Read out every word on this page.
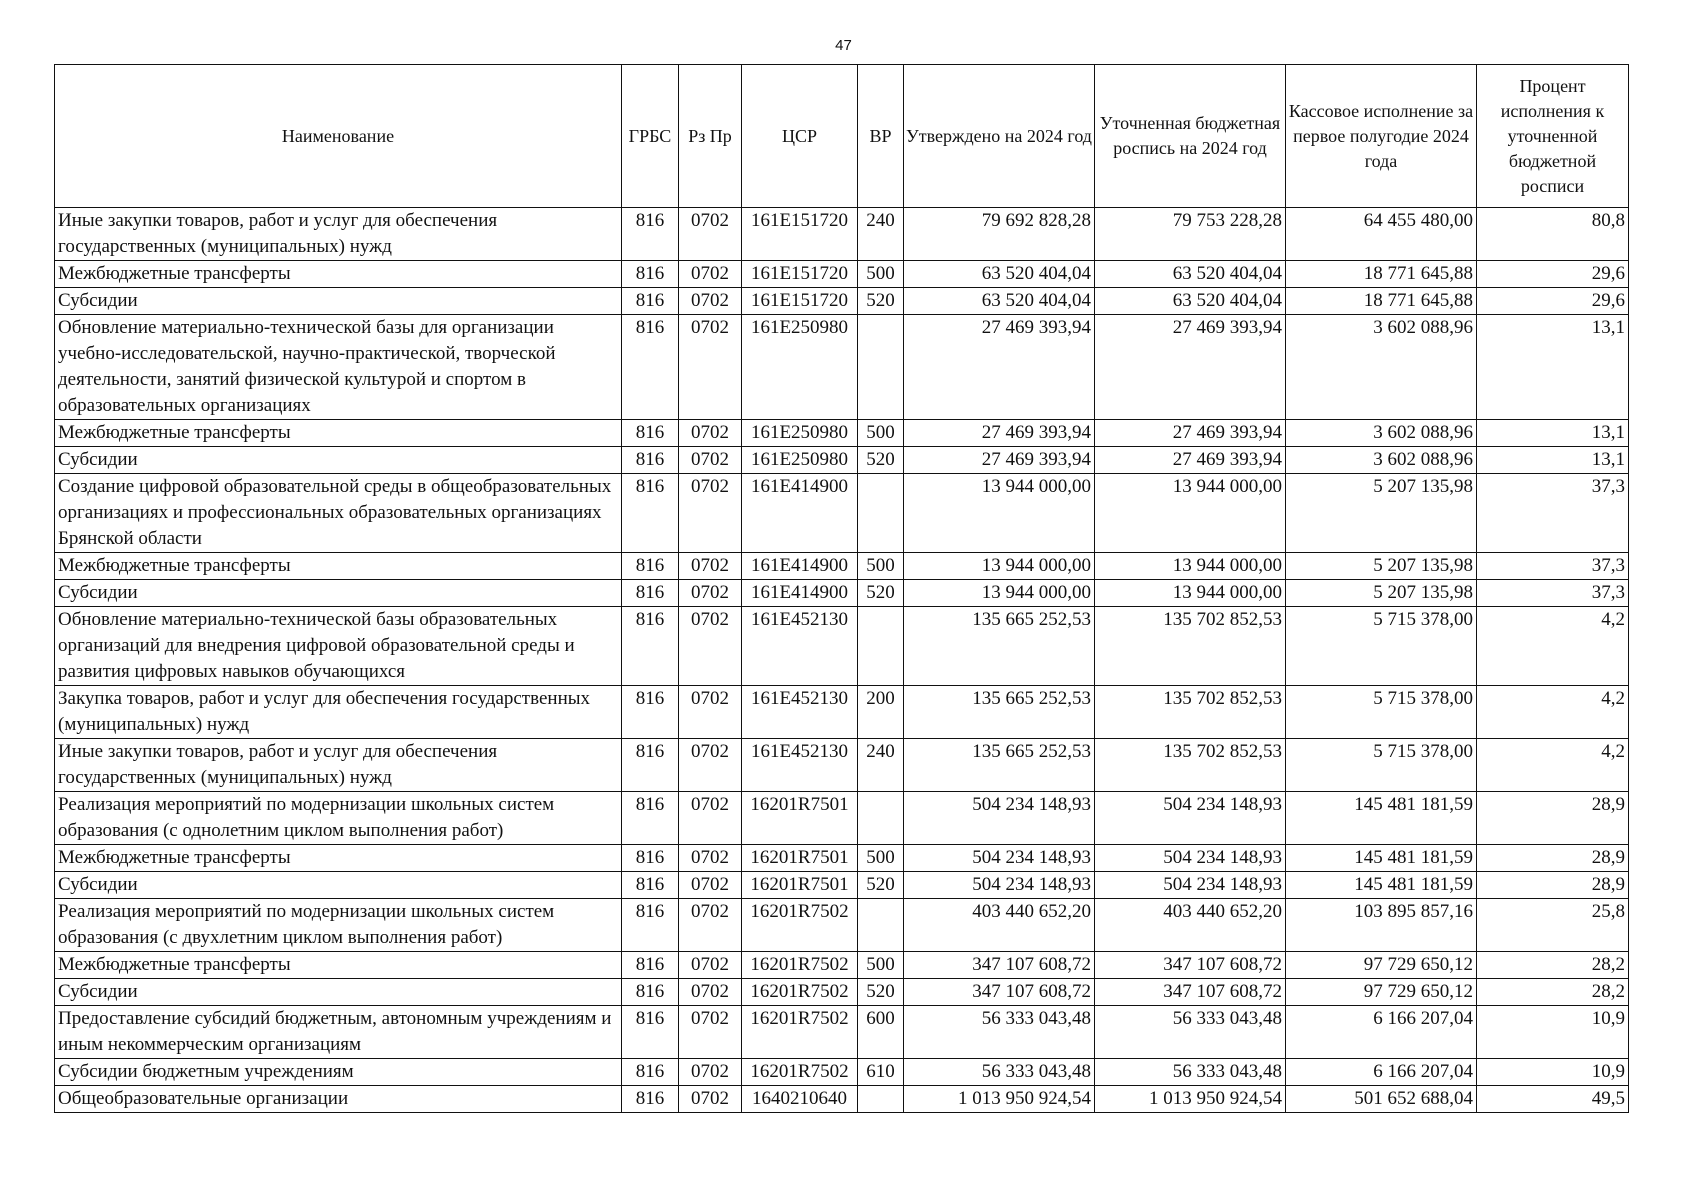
47
Наименование	ГРБС	Рз Пр	ЦСР	ВР	Утверждено на 2024 год	Уточненная бюджетная роспись на 2024 год	Кассовое исполнение за первое полугодие 2024 года	Процент исполнения к уточненной бюджетной росписи
Иные закупки товаров, работ и услуг для обеспечения государственных (муниципальных) нужд	816	0702	161E151720	240	79 692 828,28	79 753 228,28	64 455 480,00	80,8
Межбюджетные трансферты	816	0702	161E151720	500	63 520 404,04	63 520 404,04	18 771 645,88	29,6
Субсидии	816	0702	161E151720	520	63 520 404,04	63 520 404,04	18 771 645,88	29,6
Обновление материально-технической базы для организации учебно-исследовательской, научно-практической, творческой деятельности, занятий физической культурой и спортом в образовательных организациях	816	0702	161E250980		27 469 393,94	27 469 393,94	3 602 088,96	13,1
Межбюджетные трансферты	816	0702	161E250980	500	27 469 393,94	27 469 393,94	3 602 088,96	13,1
Субсидии	816	0702	161E250980	520	27 469 393,94	27 469 393,94	3 602 088,96	13,1
Создание цифровой образовательной среды в общеобразовательных организациях и профессиональных образовательных организациях Брянской области	816	0702	161E414900		13 944 000,00	13 944 000,00	5 207 135,98	37,3
Межбюджетные трансферты	816	0702	161E414900	500	13 944 000,00	13 944 000,00	5 207 135,98	37,3
Субсидии	816	0702	161E414900	520	13 944 000,00	13 944 000,00	5 207 135,98	37,3
Обновление материально-технической базы образовательных организаций для внедрения цифровой образовательной среды и развития цифровых навыков обучающихся	816	0702	161E452130		135 665 252,53	135 702 852,53	5 715 378,00	4,2
Закупка товаров, работ и услуг для обеспечения государственных (муниципальных) нужд	816	0702	161E452130	200	135 665 252,53	135 702 852,53	5 715 378,00	4,2
Иные закупки товаров, работ и услуг для обеспечения государственных (муниципальных) нужд	816	0702	161E452130	240	135 665 252,53	135 702 852,53	5 715 378,00	4,2
Реализация мероприятий по модернизации школьных систем образования (с однолетним циклом выполнения работ)	816	0702	16201R7501		504 234 148,93	504 234 148,93	145 481 181,59	28,9
Межбюджетные трансферты	816	0702	16201R7501	500	504 234 148,93	504 234 148,93	145 481 181,59	28,9
Субсидии	816	0702	16201R7501	520	504 234 148,93	504 234 148,93	145 481 181,59	28,9
Реализация мероприятий по модернизации школьных систем образования (с двухлетним циклом выполнения работ)	816	0702	16201R7502		403 440 652,20	403 440 652,20	103 895 857,16	25,8
Межбюджетные трансферты	816	0702	16201R7502	500	347 107 608,72	347 107 608,72	97 729 650,12	28,2
Субсидии	816	0702	16201R7502	520	347 107 608,72	347 107 608,72	97 729 650,12	28,2
Предоставление субсидий бюджетным, автономным учреждениям и иным некоммерческим организациям	816	0702	16201R7502	600	56 333 043,48	56 333 043,48	6 166 207,04	10,9
Субсидии бюджетным учреждениям	816	0702	16201R7502	610	56 333 043,48	56 333 043,48	6 166 207,04	10,9
Общеобразовательные организации	816	0702	1640210640		1 013 950 924,54	1 013 950 924,54	501 652 688,04	49,5
